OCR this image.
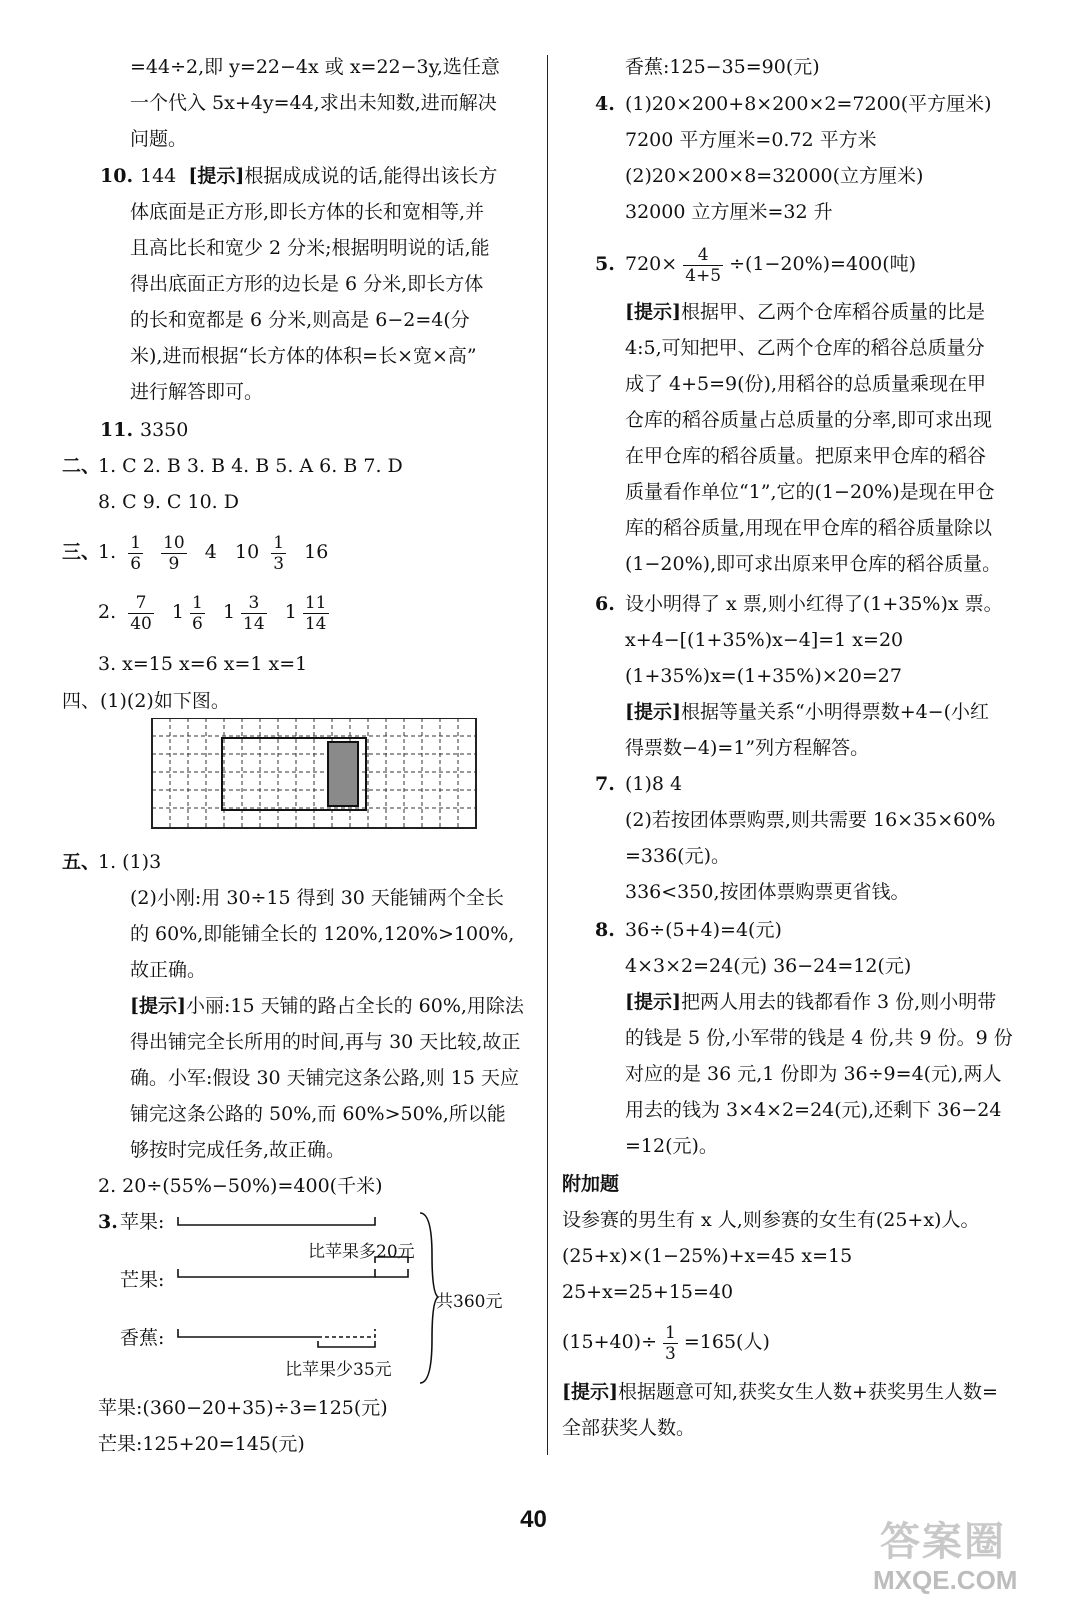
=44÷2,即 y=22−4x 或 x=22−3y,选任意
一个代入 5x+4y=44,求出未知数,进而解决
问题。
10. 144 [提示]根据成成说的话,能得出该长方
体底面是正方形,即长方体的长和宽相等,并
且高比长和宽少 2 分米;根据明明说的话,能
得出底面正方形的边长是 6 分米,即长方体
的长和宽都是 6 分米,则高是 6−2=4(分
米),进而根据“长方体的体积=长×宽×高”
进行解答即可。
11. 3350
二、
1. C 2. B 3. B 4. B 5. A 6. B 7. D
8. C 9. C 10. D
三、
1. $\frac{1}{6}$
$\frac{10}{9} 4$ $10 \frac{1}{3} 16$
2. $\frac{7}{40} 1 \frac{1}{6} 1 \frac{3}{14} 1 \frac{11}{14}$
3. x=15 x=6 x=1 x=1
四、(1)(2)如下图。
五、
1. (1)3
(2)小刚:用 30÷15 得到 30 天能铺两个全长
的 60%,即能铺全长的 120%,120%>100%,
故正确。
[提示]小丽:15 天铺的路占全长的 60%,用除法
得出铺完全长所用的时间,再与 30 天比较,故正
确。小军:假设 30 天铺完这条公路,则 15 天应
铺完这条公路的 50%,而 60%>50%,所以能
够按时完成任务,故正确。
2. 20÷(55%−50%)=400(千米)
3. 苹果:
芒果:
香蕉:
比苹果多20元
比苹果少35元
共360元
苹果:(360−20+35)÷3=125(元)
芒果:125+20=145(元)
香蕉:125−35=90(元)
4. (1)20×200+8×200×2=7200(平方厘米)
7200 平方厘米=0.72 平方米
(2)20×200×8=32000(立方厘米)
32000 立方厘米=32 升
5. $720\times \frac{4}{4+5} \div(1-20\%)=400$(吨)
[提示]根据甲、乙两个仓库稻谷质量的比是
4:5,可知把甲、乙两个仓库的稻谷总质量分
成了 4+5=9(份),用稻谷的总质量乘现在甲
仓库的稻谷质量占总质量的分率,即可求出现
在甲仓库的稻谷质量。把原来甲仓库的稻谷
质量看作单位“1”,它的(1−20%)是现在甲仓
库的稻谷质量,用现在甲仓库的稻谷质量除以
(1−20%),即可求出原来甲仓库的稻谷质量。
6. 设小明得了 x 票,则小红得了(1+35%)x 票。
x+4−[(1+35%)x−4]=1 x=20
(1+35%)x=(1+35%)×20=27
[提示]根据等量关系“小明得票数+4−(小红
得票数−4)=1”列方程解答。
7. (1)8 4
(2)若按团体票购票,则共需要 16×35×60%
=336(元)。
336<350,按团体票购票更省钱。
8. 36÷(5+4)=4(元)
4×3×2=24(元) 36−24=12(元)
[提示]把两人用去的钱都看作 3 份,则小明带
的钱是 5 份,小军带的钱是 4 份,共 9 份。9 份
对应的是 36 元,1 份即为 36÷9=4(元),两人
用去的钱为 3×4×2=24(元),还剩下 36−24
=12(元)。
附加题
设参赛的男生有 x 人,则参赛的女生有(25+x)人。
(25+x)×(1−25%)+x=45 x=15
25+x=25+15=40
$(15+40)\div \frac{1}{3} =165$(人)
[提示]根据题意可知,获奖女生人数+获奖男生人数=
全部获奖人数。
40
答案圈
MXQE.COM
